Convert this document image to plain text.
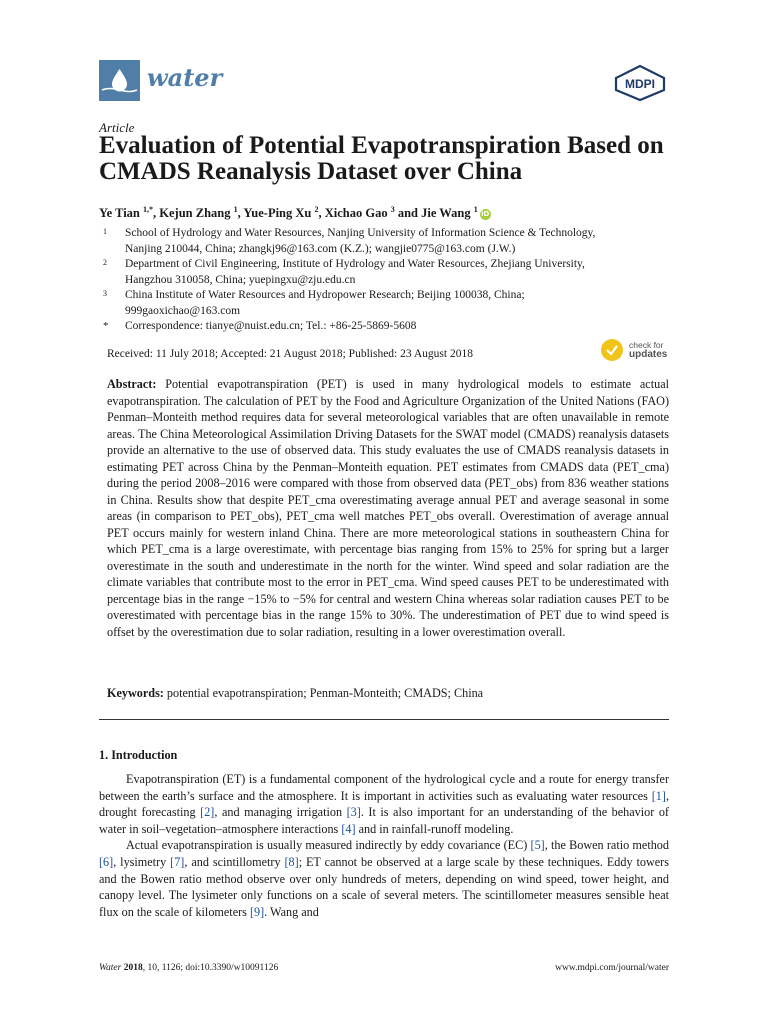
water	MDPI
Article
Evaluation of Potential Evapotranspiration Based on CMADS Reanalysis Dataset over China
Ye Tian $^{1,*}$, Kejun Zhang $^1$, Yue-Ping Xu $^2$, Xichao Gao $^3$ and Jie Wang $^1$iD
1 School of Hydrology and Water Resources, Nanjing University of Information Science & Technology,
Nanjing 210044, China; zhangkj96@163.com (K.Z.); wangjie0775@163.com (J.W.)
2 Department of Civil Engineering, Institute of Hydrology and Water Resources, Zhejiang University,
Hangzhou 310058, China; yuepingxu@zju.edu.cn
3 China Institute of Water Resources and Hydropower Research; Beijing 100038, China;
999gaoxichao@163.com
* Correspondence: tianye@nuist.edu.cn; Tel.: +86-25-5869-5608
Received: 11 July 2018; Accepted: 21 August 2018; Published: 23 August 2018
check for
updates

Abstract: Potential evapotranspiration (PET) is used in many hydrological models to estimate actual evapotranspiration. The calculation of PET by the Food and Agriculture Organization of the United Nations (FAO) Penman–Monteith method requires data for several meteorological variables that are often unavailable in remote areas. The China Meteorological Assimilation Driving Datasets for the SWAT model (CMADS) reanalysis datasets provide an alternative to the use of observed data. This study evaluates the use of CMADS reanalysis datasets in estimating PET across China by the Penman–Monteith equation. PET estimates from CMADS data (PET_cma) during the period 2008–2016 were compared with those from observed data (PET_obs) from 836 weather stations in China. Results show that despite PET_cma overestimating average annual PET and average seasonal in some areas (in comparison to PET_obs), PET_cma well matches PET_obs overall. Overestimation of average annual PET occurs mainly for western inland China. There are more meteorological stations in southeastern China for which PET_cma is a large overestimate, with percentage bias ranging from 15% to 25% for spring but a larger overestimate in the south and underestimate in the north for the winter. Wind speed and solar radiation are the climate variables that contribute most to the error in PET_cma. Wind speed causes PET to be underestimated with percentage bias in the range −15% to −5% for central and western China whereas solar radiation causes PET to be overestimated with percentage bias in the range 15% to 30%. The underestimation of PET due to wind speed is offset by the overestimation due to solar radiation, resulting in a lower overestimation overall.

Keywords: potential evapotranspiration; Penman-Monteith; CMADS; China
1. Introduction

Evapotranspiration (ET) is a fundamental component of the hydrological cycle and a route for energy transfer between the earth’s surface and the atmosphere. It is important in activities such as evaluating water resources [1], drought forecasting [2], and managing irrigation [3]. It is also important for an understanding of the behavior of water in soil–vegetation–atmosphere interactions [4] and in rainfall-runoff modeling.

Actual evapotranspiration is usually measured indirectly by eddy covariance (EC) [5], the Bowen ratio method [6], lysimetry [7], and scintillometry [8]; ET cannot be observed at a large scale by these techniques. Eddy towers and the Bowen ratio method observe over only hundreds of meters, depending on wind speed, tower height, and canopy level. The lysimeter only functions on a scale of several meters. The scintillometer measures sensible heat flux on the scale of kilometers [9]. Wang and

Water 2018, 10, 1126; doi:10.3390/w10091126	www.mdpi.com/journal/water
